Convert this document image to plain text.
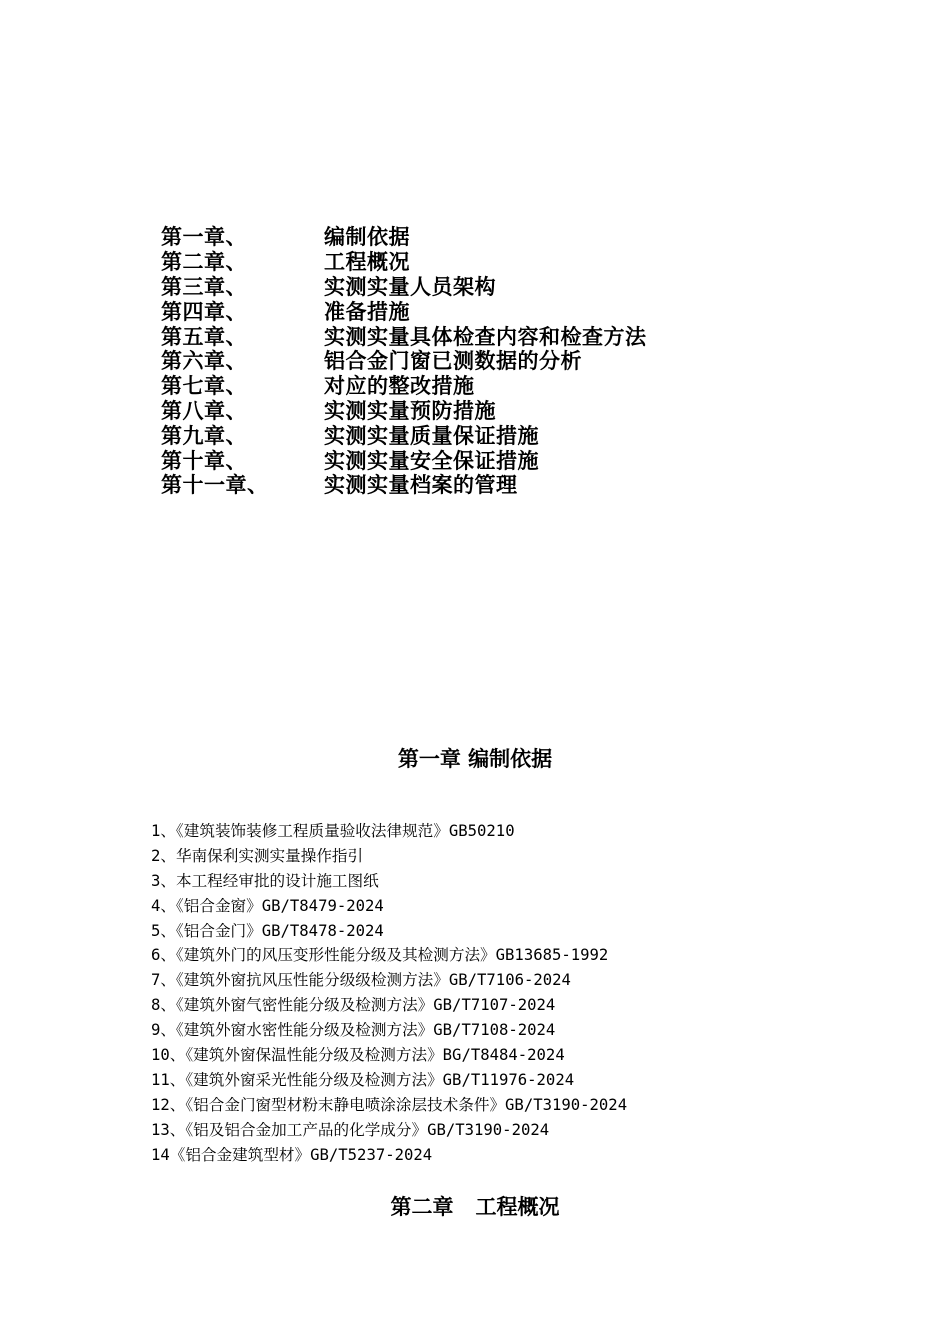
第一章、	编制依据
第二章、	工程概况
第三章、	实测实量人员架构
第四章、	准备措施
第五章、	实测实量具体检查内容和检查方法
第六章、	铝合金门窗已测数据的分析
第七章、	对应的整改措施
第八章、	实测实量预防措施
第九章、	实测实量质量保证措施
第十章、	实测实量安全保证措施
第十一章、	实测实量档案的管理
第一章 编制依据
1、《建筑装饰装修工程质量验收法律规范》GB50210
2、华南保利实测实量操作指引
3、本工程经审批的设计施工图纸
4、《铝合金窗》GB/T8479-2024
5、《铝合金门》GB/T8478-2024
6、《建筑外门的风压变形性能分级及其检测方法》GB13685-1992
7、《建筑外窗抗风压性能分级级检测方法》GB/T7106-2024
8、《建筑外窗气密性能分级及检测方法》GB/T7107-2024
9、《建筑外窗水密性能分级及检测方法》GB/T7108-2024
10、《建筑外窗保温性能分级及检测方法》BG/T8484-2024
11、《建筑外窗采光性能分级及检测方法》GB/T11976-2024
12、《铝合金门窗型材粉末静电喷涂涂层技术条件》GB/T3190-2024
13、《铝及铝合金加工产品的化学成分》GB/T3190-2024
14《铝合金建筑型材》GB/T5237-2024
第二章   工程概况
